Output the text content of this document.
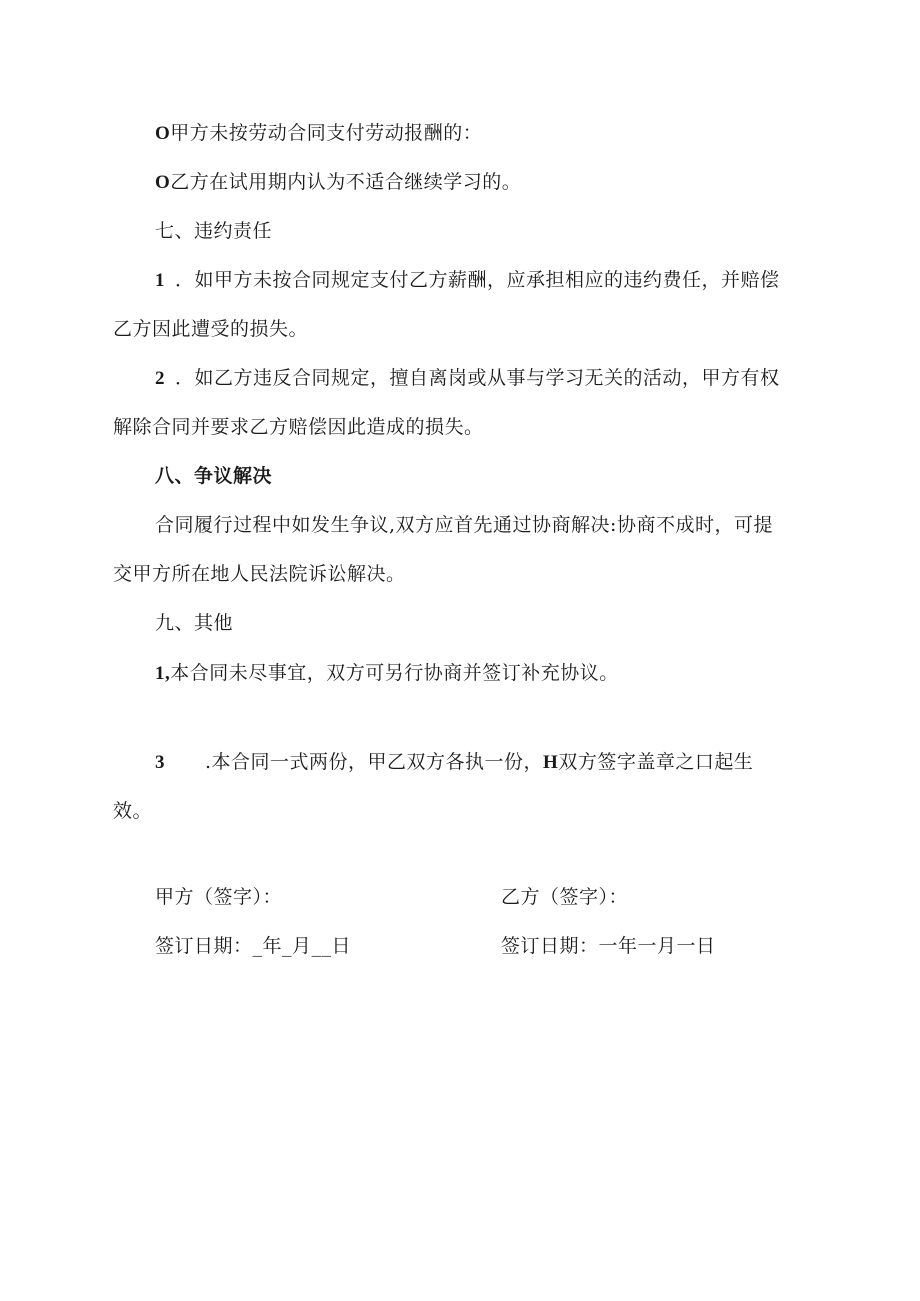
O甲方未按劳动合同支付劳动报酬的：
O乙方在试用期内认为不适合继续学习的。
七、违约责任
1 ．如甲方未按合同规定支付乙方薪酬，应承担相应的违约费任，并赔偿
乙方因此遭受的损失。
2 ．如乙方违反合同规定，擅自离岗或从事与学习无关的活动，甲方有权
解除合同并要求乙方赔偿因此造成的损失。
八、争议解决
合同履行过程中如发生争议,双方应首先通过协商解决:协商不成时，可提
交甲方所在地人民法院诉讼解决。
九、其他
1,本合同未尽事宜，双方可另行协商并签订补充协议。
3 .本合同一式两份，甲乙双方各执一份，H双方签字盖章之口起生
效。
甲方（签字）：
签订日期：_年_月__日
乙方（签字）：
签订日期：一年一月一日
